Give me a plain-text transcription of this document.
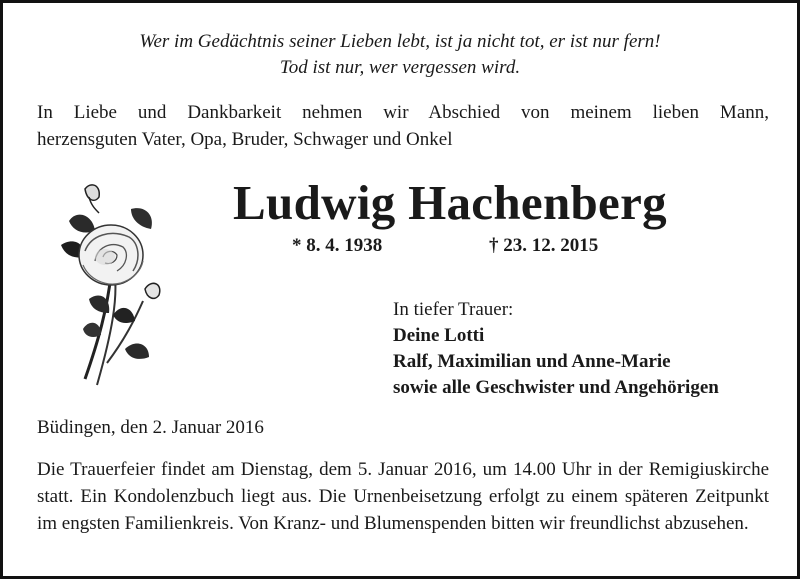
Wer im Gedächtnis seiner Lieben lebt, ist ja nicht tot, er ist nur fern!
Tod ist nur, wer vergessen wird.
In Liebe und Dankbarkeit nehmen wir Abschied von meinem lieben Mann,
herzensguten Vater, Opa, Bruder, Schwager und Onkel
Ludwig Hachenberg
* 8. 4. 1938	† 23. 12. 2015
In tiefer Trauer:
Deine Lotti
Ralf, Maximilian und Anne-Marie
sowie alle Geschwister und Angehörigen
Büdingen, den 2. Januar 2016
Die Trauerfeier findet am Dienstag, dem 5. Januar 2016, um 14.00 Uhr in der Remigiuskirche statt. Ein Kondolenzbuch liegt aus. Die Urnenbeisetzung erfolgt zu einem späteren Zeitpunkt im engsten Familienkreis. Von Kranz- und Blumenspenden bitten wir freundlichst abzusehen.
